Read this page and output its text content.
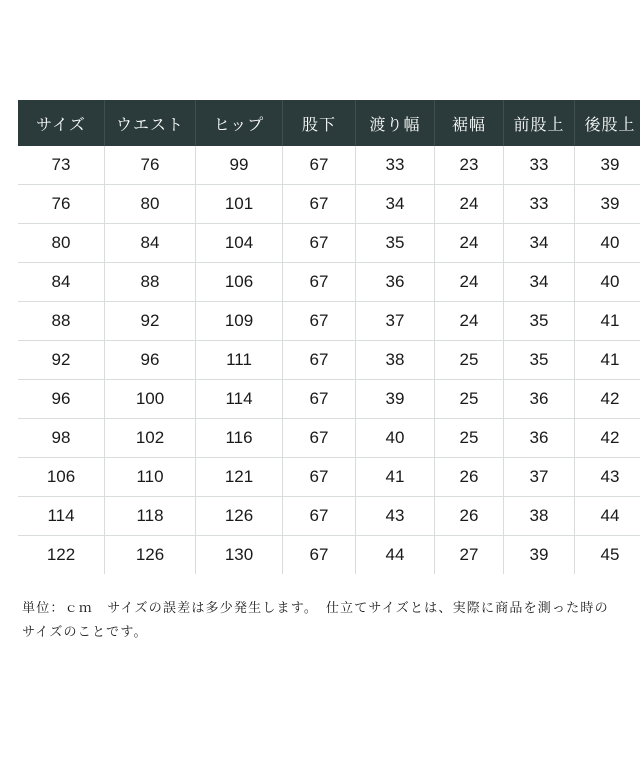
サイズ	ウエスト	ヒップ	股下	渡り幅	裾幅	前股上	後股上
73	76	99	67	33	23	33	39
76	80	101	67	34	24	33	39
80	84	104	67	35	24	34	40
84	88	106	67	36	24	34	40
88	92	109	67	37	24	35	41
92	96	111	67	38	25	35	41
96	100	114	67	39	25	36	42
98	102	116	67	40	25	36	42
106	110	121	67	41	26	37	43
114	118	126	67	43	26	38	44
122	126	130	67	44	27	39	45
単位：ｃｍ　サイズの誤差は多少発生します。　仕立てサイズとは、実際に商品を測った時のサイズのことです。
